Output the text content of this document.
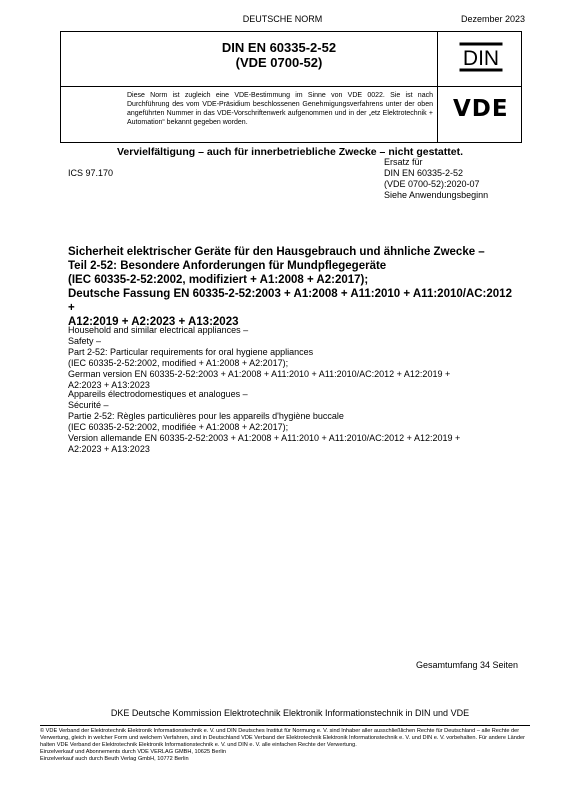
DEUTSCHE NORM	Dezember 2023
DIN EN 60335-2-52
(VDE 0700-52)	DIN
VDE
Diese Norm ist zugleich eine VDE-Bestimmung im Sinne von VDE 0022. Sie ist nach Durchführung des vom VDE-Präsidium beschlossenen Genehmigungsverfahrens unter der oben angeführten Nummer in das VDE-Vorschriftenwerk aufgenommen und in der „etz Elektrotechnik + Automation“ bekannt gegeben worden.
Vervielfältigung – auch für innerbetriebliche Zwecke – nicht gestattet.
ICS 97.170
Ersatz für
DIN EN 60335-2-52
(VDE 0700-52):2020-07
Siehe Anwendungsbeginn
Sicherheit elektrischer Geräte für den Hausgebrauch und ähnliche Zwecke –
Teil 2-52: Besondere Anforderungen für Mundpflegegeräte
(IEC 60335-2-52:2002, modifiziert + A1:2008 + A2:2017);
Deutsche Fassung EN 60335-2-52:2003 + A1:2008 + A11:2010 + A11:2010/AC:2012 +
A12:2019 + A2:2023 + A13:2023
Household and similar electrical appliances –
Safety –
Part 2-52: Particular requirements for oral hygiene appliances
(IEC 60335-2-52:2002, modified + A1:2008 + A2:2017);
German version EN 60335-2-52:2003 + A1:2008 + A11:2010 + A11:2010/AC:2012 + A12:2019 +
A2:2023 + A13:2023
Appareils électrodomestiques et analogues –
Sécurité –
Partie 2-52: Règles particulières pour les appareils d'hygiène buccale
(IEC 60335-2-52:2002, modifiée + A1:2008 + A2:2017);
Version allemande EN 60335-2-52:2003 + A1:2008 + A11:2010 + A11:2010/AC:2012 + A12:2019 +
A2:2023 + A13:2023
Gesamtumfang 34 Seiten
DKE Deutsche Kommission Elektrotechnik Elektronik Informationstechnik in DIN und VDE
© VDE Verband der Elektrotechnik Elektronik Informationstechnik e. V. und DIN Deutsches Institut für Normung e. V. sind Inhaber aller ausschließlichen Rechte für Deutschland – alle Rechte der Verwertung, gleich in welcher Form und welchem Verfahren, sind in Deutschland VDE Verband der Elektrotechnik Elektronik Informationstechnik e. V. und DIN e. V. vorbehalten. Für andere Länder halten VDE Verband der Elektrotechnik Elektronik Informationstechnik e. V. und DIN e. V. alle einfachen Rechte der Verwertung.
Einzelverkauf und Abonnements durch VDE VERLAG GMBH, 10625 Berlin
Einzelverkauf auch durch Beuth Verlag GmbH, 10772 Berlin
